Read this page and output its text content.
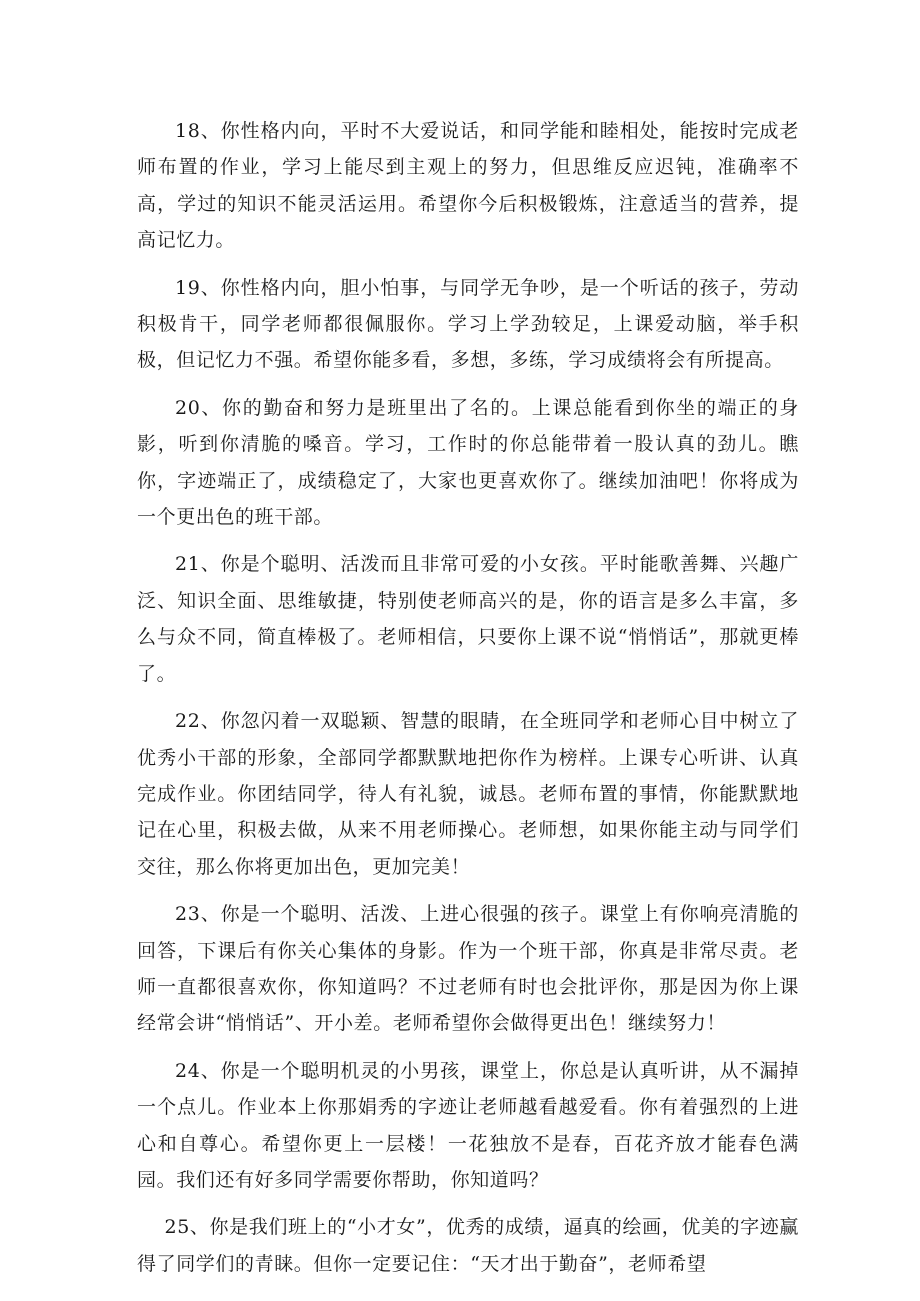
18、你性格内向，平时不大爱说话，和同学能和睦相处，能按时完成老师布置的作业，学习上能尽到主观上的努力，但思维反应迟钝，准确率不高，学过的知识不能灵活运用。希望你今后积极锻炼，注意适当的营养，提高记忆力。

19、你性格内向，胆小怕事，与同学无争吵，是一个听话的孩子，劳动积极肯干，同学老师都很佩服你。学习上学劲较足，上课爱动脑，举手积极，但记忆力不强。希望你能多看，多想，多练，学习成绩将会有所提高。

20、你的勤奋和努力是班里出了名的。上课总能看到你坐的端正的身影，听到你清脆的嗓音。学习，工作时的你总能带着一股认真的劲儿。瞧你，字迹端正了，成绩稳定了，大家也更喜欢你了。继续加油吧！你将成为一个更出色的班干部。

21、你是个聪明、活泼而且非常可爱的小女孩。平时能歌善舞、兴趣广泛、知识全面、思维敏捷，特别使老师高兴的是，你的语言是多么丰富，多么与众不同，简直棒极了。老师相信，只要你上课不说“悄悄话”，那就更棒了。

22、你忽闪着一双聪颖、智慧的眼睛，在全班同学和老师心目中树立了优秀小干部的形象，全部同学都默默地把你作为榜样。上课专心听讲、认真完成作业。你团结同学，待人有礼貌，诚恳。老师布置的事情，你能默默地记在心里，积极去做，从来不用老师操心。老师想，如果你能主动与同学们交往，那么你将更加出色，更加完美！

23、你是一个聪明、活泼、上进心很强的孩子。课堂上有你响亮清脆的回答，下课后有你关心集体的身影。作为一个班干部，你真是非常尽责。老师一直都很喜欢你，你知道吗？不过老师有时也会批评你，那是因为你上课经常会讲“悄悄话”、开小差。老师希望你会做得更出色！继续努力！

24、你是一个聪明机灵的小男孩，课堂上，你总是认真听讲，从不漏掉一个点儿。作业本上你那娟秀的字迹让老师越看越爱看。你有着强烈的上进心和自尊心。希望你更上一层楼！一花独放不是春，百花齐放才能春色满园。我们还有好多同学需要你帮助，你知道吗？

25、你是我们班上的“小才女”，优秀的成绩，逼真的绘画，优美的字迹赢得了同学们的青睐。但你一定要记住：“天才出于勤奋”，老师希望
